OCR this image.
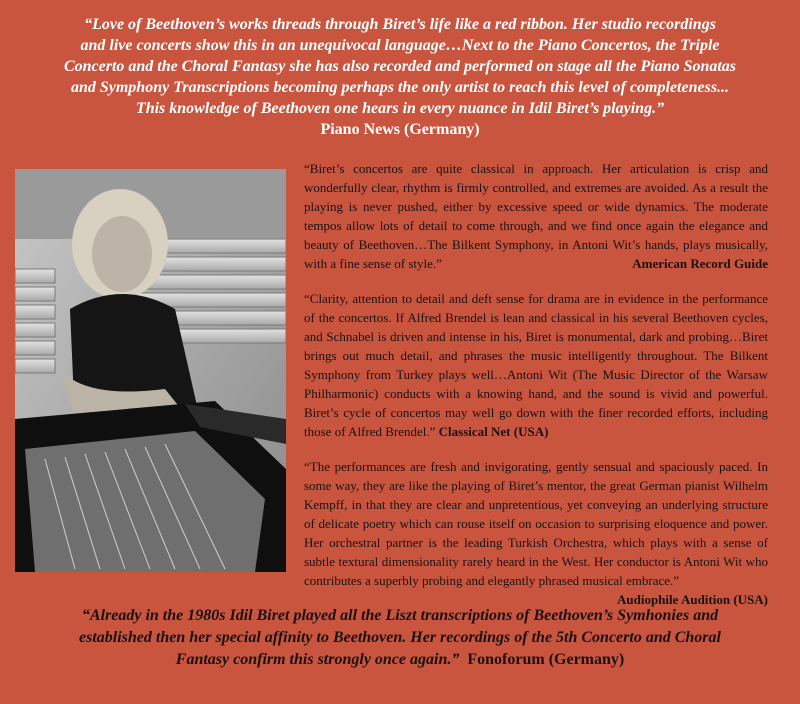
“Love of Beethoven’s works threads through Biret’s life like a red ribbon. Her studio recordings
and live concerts show this in an unequivocal language…Next to the Piano Concertos, the Triple
Concerto and the Choral Fantasy she has also recorded and performed on stage all the Piano Sonatas
and Symphony Transcriptions becoming perhaps the only artist to reach this level of completeness...
This knowledge of Beethoven one hears in every nuance in Idil Biret’s playing.”
Piano News (Germany)
“Biret’s concertos are quite classical in approach. Her articulation is crisp and wonderfully clear, rhythm is firmly controlled, and extremes are avoided. As a result the playing is never pushed, either by excessive speed or wide dynamics. The moderate tempos allow lots of detail to come through, and we find once again the elegance and beauty of Beethoven…The Bilkent Symphony, in Antoni Wit’s hands, plays musically, with a fine sense of style.”	American Record Guide
“Clarity, attention to detail and deft sense for drama are in evidence in the performance of the concertos. If Alfred Brendel is lean and classical in his several Beethoven cycles, and Schnabel is driven and intense in his, Biret is monumental, dark and probing…Biret brings out much detail, and phrases the music intelligently throughout. The Bilkent Symphony from Turkey plays well…Antoni Wit (The Music Director of the Warsaw Philharmonic) conducts with a knowing hand, and the sound is vivid and powerful. Biret’s cycle of concertos may well go down with the finer recorded efforts, including those of Alfred Brendel.” Classical Net (USA)
“The performances are fresh and invigorating, gently sensual and spaciously paced. In some way, they are like the playing of Biret’s mentor, the great German pianist Wilhelm Kempff, in that they are clear and unpretentious, yet conveying an underlying structure of delicate poetry which can rouse itself on occasion to surprising eloquence and power. Her orchestral partner is the leading Turkish Orchestra, which plays with a sense of subtle textural dimensionality rarely heard in the West. Her conductor is Antoni Wit who contributes a superbly probing and elegantly phrased musical embrace.”
Audiophile Audition (USA)
“Already in the 1980s Idil Biret played all the Liszt transcriptions of Beethoven’s Symhonies and
established then her special affinity to Beethoven. Her recordings of the 5th Concerto and Choral
Fantasy confirm this strongly once again.” Fonoforum (Germany)
